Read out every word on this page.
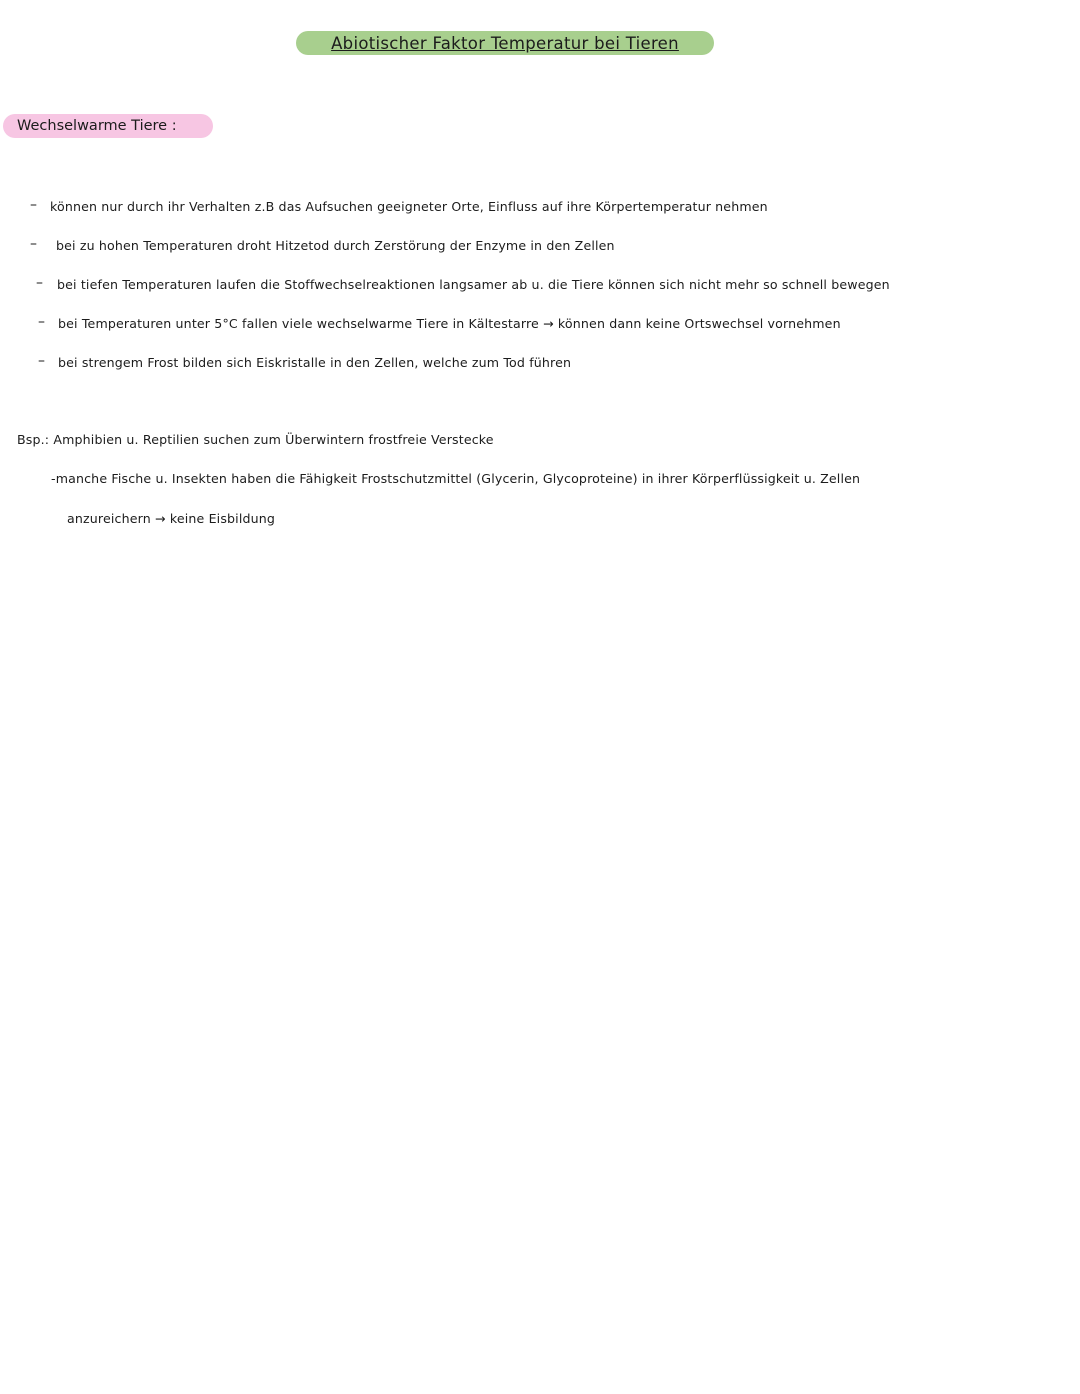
Abiotischer Faktor Temperatur bei Tieren
Wechselwarme Tiere :
– können nur durch ihr Verhalten z.B das Aufsuchen geeigneter Orte, Einfluss auf ihre Körpertemperatur nehmen
– bei zu hohen Temperaturen droht Hitzetod durch Zerstörung der Enzyme in den Zellen
– bei tiefen Temperaturen laufen die Stoffwechselreaktionen langsamer ab u. die Tiere können sich nicht mehr so schnell bewegen
– bei Temperaturen unter 5°C fallen viele wechselwarme Tiere in Kältestarre → können dann keine Ortswechsel vornehmen
– bei strengem Frost bilden sich Eiskristalle in den Zellen, welche zum Tod führen
Bsp.: Amphibien u. Reptilien suchen zum Überwintern frostfreie Verstecke
-manche Fische u. Insekten haben die Fähigkeit Frostschutzmittel (Glycerin, Glycoproteine) in ihrer Körperflüssigkeit u. Zellen
anzureichern → keine Eisbildung
